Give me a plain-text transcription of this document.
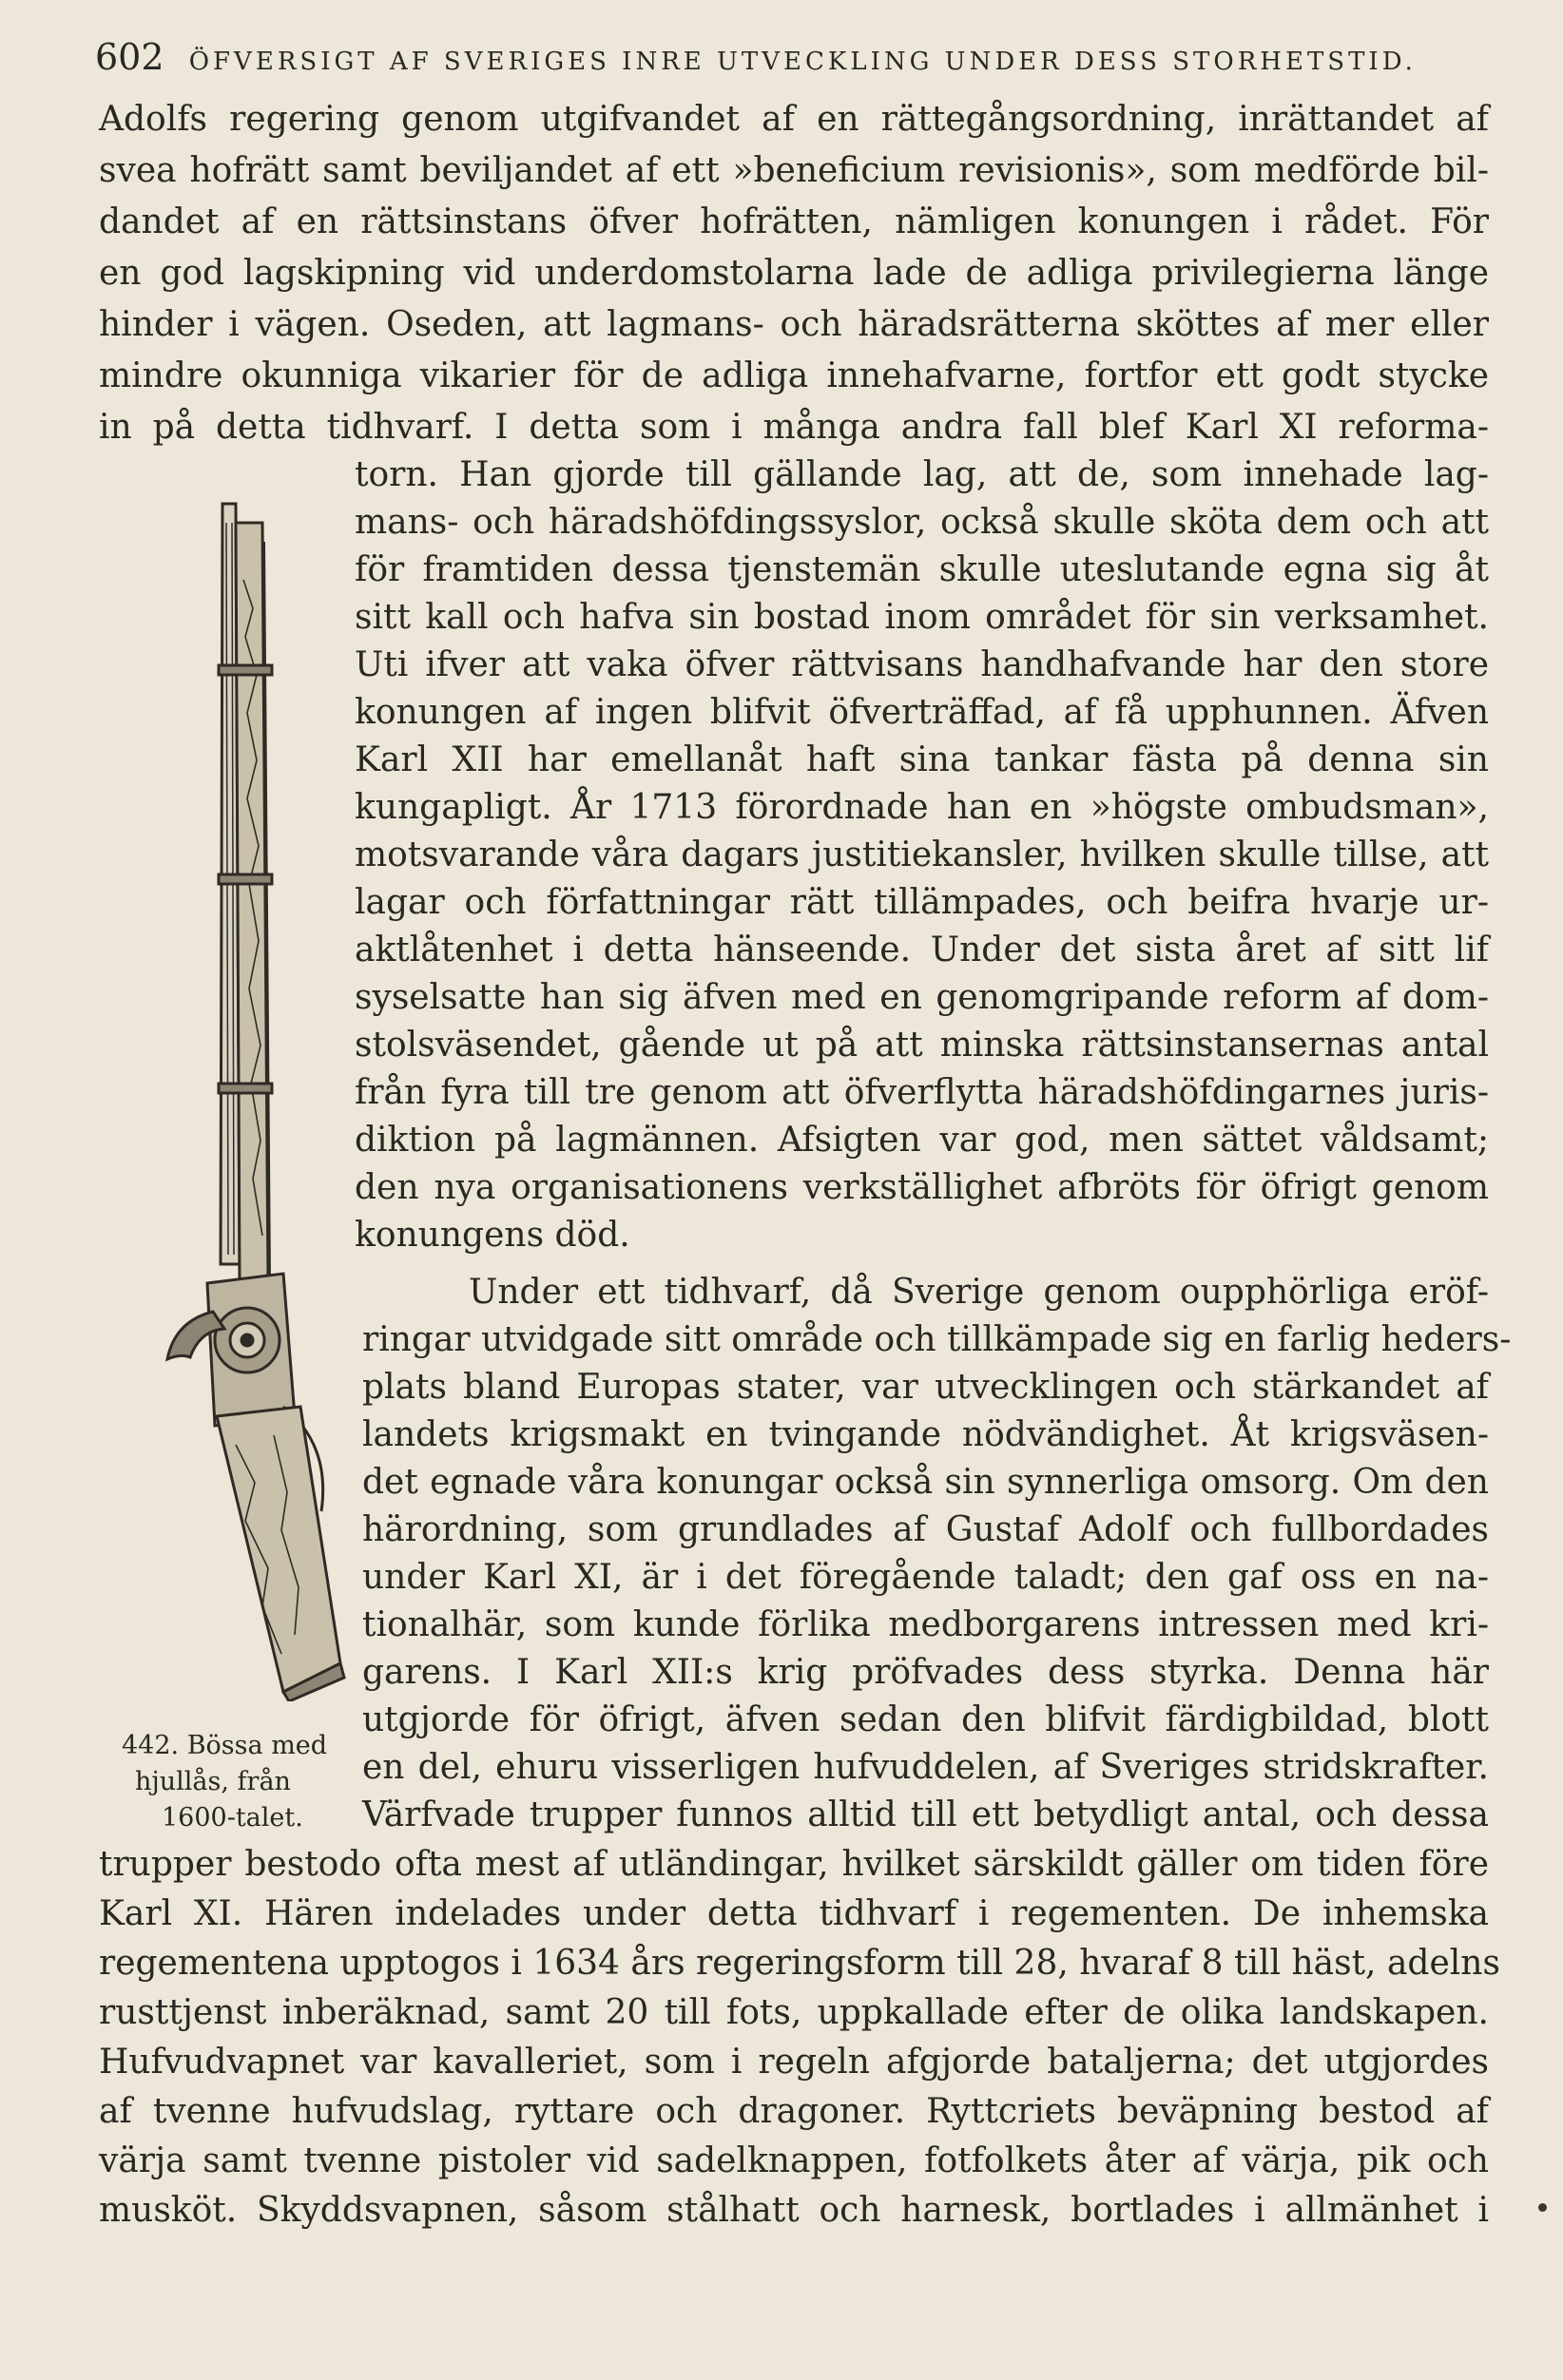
602 ÖFVERSIGT AF SVERIGES INRE UTVECKLING UNDER DESS STORHETSTID.
Adolfs regering genom utgifvandet af en rättegångsordning, inrättandet af
svea hofrätt samt beviljandet af ett »beneficium revisionis», som medförde bil-
dandet af en rättsinstans öfver hofrätten, nämligen konungen i rådet. För
en god lagskipning vid underdomstolarna lade de adliga privilegierna länge
hinder i vägen. Oseden, att lagmans- och häradsrätterna sköttes af mer eller
mindre okunniga vikarier för de adliga innehafvarne, fortfor ett godt stycke
in på detta tidhvarf. I detta som i många andra fall blef Karl XI reforma-
torn. Han gjorde till gällande lag, att de, som innehade lag-
mans- och häradshöfdingssyslor, också skulle sköta dem och att
för framtiden dessa tjenstemän skulle uteslutande egna sig åt
sitt kall och hafva sin bostad inom området för sin verksamhet.
Uti ifver att vaka öfver rättvisans handhafvande har den store
konungen af ingen blifvit öfverträffad, af få upphunnen. Äfven
Karl XII har emellanåt haft sina tankar fästa på denna sin
kungapligt. År 1713 förordnade han en »högste ombudsman»,
motsvarande våra dagars justitiekansler, hvilken skulle tillse, att
lagar och författningar rätt tillämpades, och beifra hvarje ur-
aktlåtenhet i detta hänseende. Under det sista året af sitt lif
syselsatte han sig äfven med en genomgripande reform af dom-
stolsväsendet, gående ut på att minska rättsinstansernas antal
från fyra till tre genom att öfverflytta häradshöfdingarnes juris-
diktion på lagmännen. Afsigten var god, men sättet våldsamt;
den nya organisationens verkställighet afbröts för öfrigt genom
konungens död.
Under ett tidhvarf, då Sverige genom oupphörliga eröf-
ringar utvidgade sitt område och tillkämpade sig en farlig heders-
plats bland Europas stater, var utvecklingen och stärkandet af
landets krigsmakt en tvingande nödvändighet. Åt krigsväsen-
det egnade våra konungar också sin synnerliga omsorg. Om den
härordning, som grundlades af Gustaf Adolf och fullbordades
under Karl XI, är i det föregående taladt; den gaf oss en na-
tionalhär, som kunde förlika medborgarens intressen med kri-
garens. I Karl XII:s krig pröfvades dess styrka. Denna här
utgjorde för öfrigt, äfven sedan den blifvit färdigbildad, blott
en del, ehuru visserligen hufvuddelen, af Sveriges stridskrafter.
Värfvade trupper funnos alltid till ett betydligt antal, och dessa
trupper bestodo ofta mest af utländingar, hvilket särskildt gäller om tiden före
Karl XI. Hären indelades under detta tidhvarf i regementen. De inhemska
regementena upptogos i 1634 års regeringsform till 28, hvaraf 8 till häst, adelns
rusttjenst inberäknad, samt 20 till fots, uppkallade efter de olika landskapen.
Hufvudvapnet var kavalleriet, som i regeln afgjorde bataljerna; det utgjordes
af tvenne hufvudslag, ryttare och dragoner. Ryttcriets beväpning bestod af
värja samt tvenne pistoler vid sadelknappen, fotfolkets åter af värja, pik och
musköt. Skyddsvapnen, såsom stålhatt och harnesk, bortlades i allmänhet i
442. Bössa med
hjullås, från
1600-talet.
